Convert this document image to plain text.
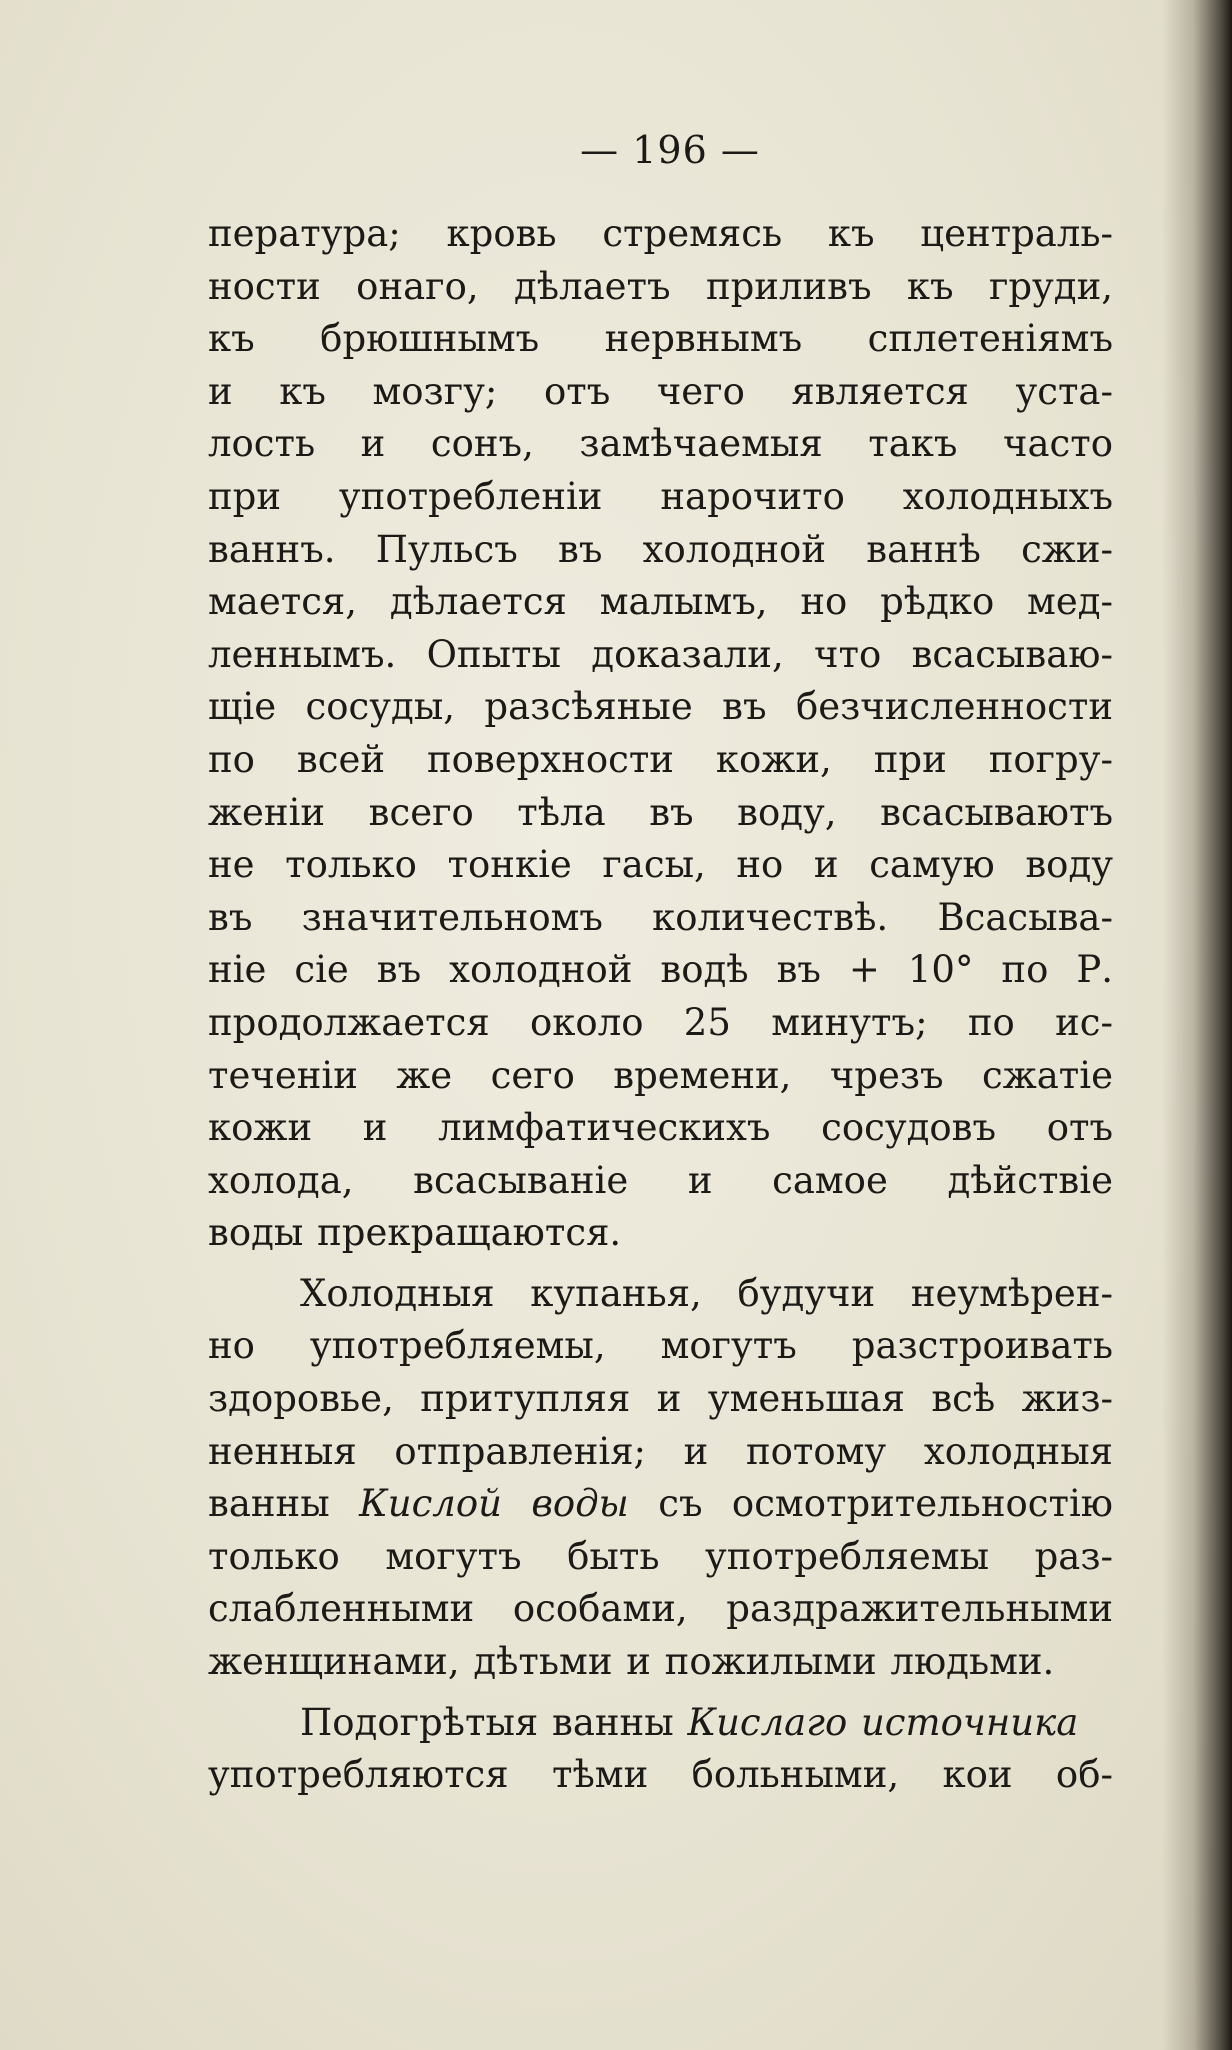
— 196 —
пература; кровь стремясь къ централь-
ности онаго, дѣлаетъ приливъ къ груди,
къ брюшнымъ нервнымъ сплетеніямъ
и къ мозгу; отъ чего является уста-
лость и сонъ, замѣчаемыя такъ часто
при употребленіи нарочито холодныхъ
ваннъ. Пульсъ въ холодной ваннѣ сжи-
мается, дѣлается малымъ, но рѣдко мед-
леннымъ. Опыты доказали, что всасываю-
щіе сосуды, разсѣяные въ безчисленности
по всей поверхности кожи, при погру-
женіи всего тѣла въ воду, всасываютъ
не только тонкіе гасы, но и самую воду
въ значительномъ количествѣ. Всасыва-
ніе сіе въ холодной водѣ въ + 10° по Р.
продолжается около 25 минутъ; по ис-
теченіи же сего времени, чрезъ сжатіе
кожи и лимфатическихъ сосудовъ отъ
холода, всасываніе и самое дѣйствіе
воды прекращаются.
Холодныя купанья, будучи неумѣрен-
но употребляемы, могутъ разстроивать
здоровье, притупляя и уменьшая всѣ жиз-
ненныя отправленія; и потому холодныя
ванны Кислой воды съ осмотрительностію
только могутъ быть употребляемы раз-
слабленными особами, раздражительными
женщинами, дѣтьми и пожилыми людьми.
Подогрѣтыя ванны Кислаго источника
употребляются тѣми больными, кои об-
